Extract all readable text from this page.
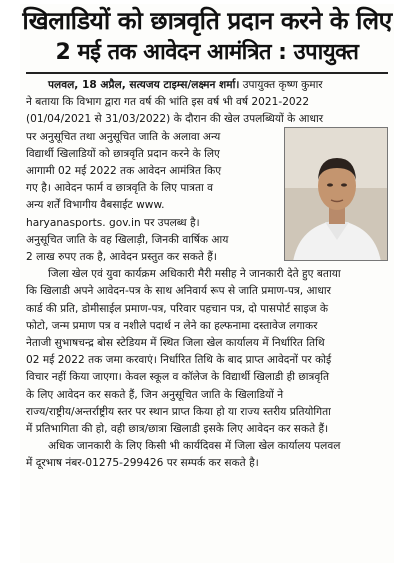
खिलाडियों को छात्रवृति प्रदान करने के लिए
2 मई तक आवेदन आमंत्रित : उपायुक्त
पलवल, 18 अप्रैल, सत्यजय टाइम्स/लक्ष्मन शर्मा। उपायुक्त कृष्ण कुमार
ने बताया कि विभाग द्वारा गत वर्ष की भांति इस वर्ष भी वर्ष 2021-2022
(01/04/2021 से 31/03/2022) के दौरान की खेल उपलब्धियों के आधार
पर अनुसूचित तथा अनुसूचित जाति के अलावा अन्य
विद्यार्थी खिलाडियों को छात्रवृति प्रदान करने के लिए
आगामी 02 मई 2022 तक आवेदन आमंत्रित किए
गए है। आवेदन फार्म व छात्रवृति के लिए पात्रता व
अन्य शर्तें विभागीय वैबसाईट www.
haryanasports. gov.in पर उपलब्ध है।
अनुसूचित जाति के वह खिलाड़ी, जिनकी वार्षिक आय
2 लाख रुपए तक है, आवेदन प्रस्तुत कर सकते हैं।
जिला खेल एवं युवा कार्यक्रम अधिकारी मैरी मसीह ने जानकारी देते हुए बताया
कि खिलाडी अपने आवेदन-पत्र के साथ अनिवार्य रूप से जाति प्रमाण-पत्र, आधार
कार्ड की प्रति, डोमीसाईल प्रमाण-पत्र, परिवार पहचान पत्र, दो पासपोर्ट साइज के
फोटो, जन्म प्रमाण पत्र व नशीले पदार्थ न लेने का हल्फनामा दस्तावेज लगाकर
नेताजी सुभाषचन्द्र बोस स्टेडियम में स्थित जिला खेल कार्यालय में निर्धारित तिथि
02 मई 2022 तक जमा करवाएं। निर्धारित तिथि के बाद प्राप्त आवेदनों पर कोई
विचार नहीं किया जाएगा। केवल स्कूल व कॉलेज के विद्यार्थी खिलाडी ही छात्रवृति
के लिए आवेदन कर सकते हैं, जिन अनुसूचित जाति के खिलाडियों ने
राज्य/राष्ट्रीय/अन्तर्राष्ट्रीय स्तर पर स्थान प्राप्त किया हो या राज्य स्तरीय प्रतियोगिता
में प्रतिभागिता की हो, वही छात्र/छात्रा खिलाडी इसके लिए आवेदन कर सकते हैं।
अधिक जानकारी के लिए किसी भी कार्यदिवस में जिला खेल कार्यालय पलवल
में दूरभाष नंबर-01275-299426 पर सम्पर्क कर सकते है।
